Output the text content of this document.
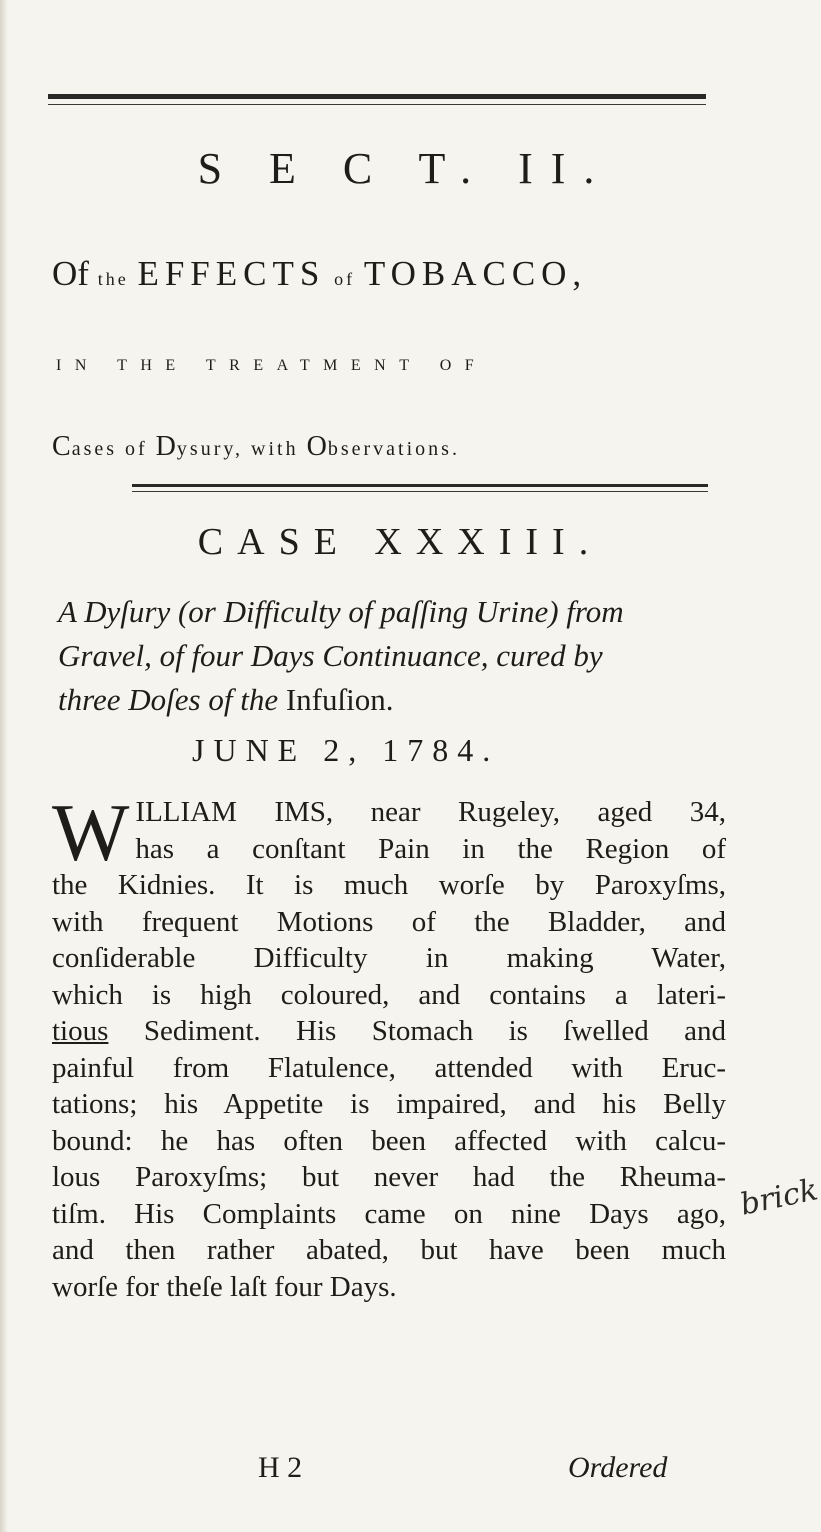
S E C T. II.
Of the EFFECTS of TOBACCO,
IN THE TREATMENT OF
Cases of Dysury, with Observations.
CASE XXXIII.
A Dyſury (or Difficulty of paſſing Urine) from
Gravel, of four Days Continuance, cured by
three Doſes of the Infuſion.
JUNE 2, 1784.
W ILLIAM IMS, near Rugeley, aged 34,
has a conſtant Pain in the Region of
the Kidnies. It is much worſe by Paroxyſms,
with frequent Motions of the Bladder, and
conſiderable Difficulty in making Water,
which is high coloured, and contains a lateri-
tious Sediment. His Stomach is ſwelled and
painful from Flatulence, attended with Eruc-
tations; his Appetite is impaired, and his Belly
bound: he has often been affected with calcu-
lous Paroxyſms; but never had the Rheuma-
tiſm. His Complaints came on nine Days ago,
and then rather abated, but have been much
worſe for theſe laſt four Days.
H 2	Ordered
brick
